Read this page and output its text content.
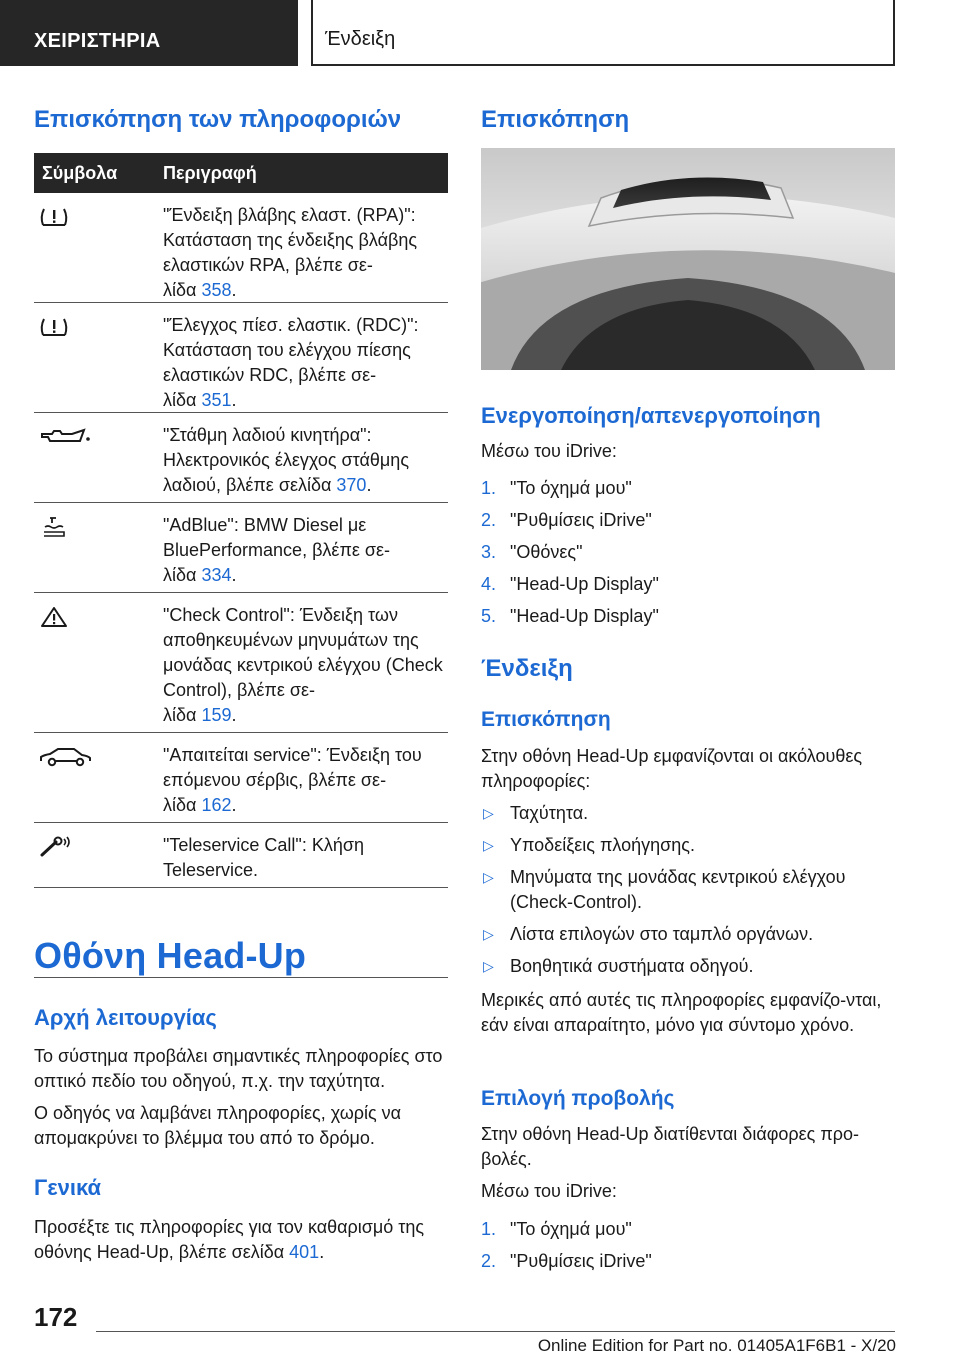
ΧΕΙΡΙΣΤΗΡΙΑ	Ένδειξη
Επισκόπηση των πληροφοριών
Σύμβολα	Περιγραφή
"Ένδειξη βλάβης ελαστ. (RPA)": Κατάσταση της ένδειξης βλάβης ελαστικών RPA, βλέπε σε-
λίδα 358.
"Έλεγχος πίεσ. ελαστικ. (RDC)": Κατάσταση του ελέγχου πίεσης ελαστικών RDC, βλέπε σε-
λίδα 351.
"Στάθμη λαδιού κινητήρα": Ηλεκτρονικός έλεγχος στάθμης
λαδιού, βλέπε σελίδα 370.
"AdBlue": BMW Diesel με BluePerformance, βλέπε σε-
λίδα 334.
"Check Control": Ένδειξη των αποθηκευμένων μηνυμάτων της μονάδας κεντρικού ελέγχου (Check Control), βλέπε σε-
λίδα 159.
"Απαιτείται service": Ένδειξη του επόμενου σέρβις, βλέπε σε-
λίδα 162.
"Teleservice Call": Κλήση Teleservice.
Οθόνη Head-Up
Αρχή λειτουργίας
Το σύστημα προβάλει σημαντικές πληροφορίες στο οπτικό πεδίο του οδηγού, π.χ. την ταχύτητα.
Ο οδηγός να λαμβάνει πληροφορίες, χωρίς να απομακρύνει το βλέμμα του από το δρόμο.
Γενικά
Προσέξτε τις πληροφορίες για τον καθαρισμό της οθόνης Head-Up, βλέπε σελίδα 401.
Επισκόπηση
Ενεργοποίηση/απενεργοποίηση
Μέσω του iDrive:
1. "Το όχημά μου"
2. "Ρυθμίσεις iDrive"
3. "Οθόνες"
4. "Head-Up Display"
5. "Head-Up Display"
Ένδειξη
Επισκόπηση
Στην οθόνη Head-Up εμφανίζονται οι ακόλουθες πληροφορίες:
▷ Ταχύτητα.
▷ Υποδείξεις πλοήγησης.
▷ Μηνύματα της μονάδας κεντρικού ελέγχου (Check-Control).
▷ Λίστα επιλογών στο ταμπλό οργάνων.
▷ Βοηθητικά συστήματα οδηγού.
Μερικές από αυτές τις πληροφορίες εμφανίζο-νται, εάν είναι απαραίτητο, μόνο για σύντομο χρόνο.
Επιλογή προβολής
Στην οθόνη Head-Up διατίθενται διάφορες προ-βολές.
Μέσω του iDrive:
1. "Το όχημά μου"
2. "Ρυθμίσεις iDrive"
172
Online Edition for Part no. 01405A1F6B1 - X/20
